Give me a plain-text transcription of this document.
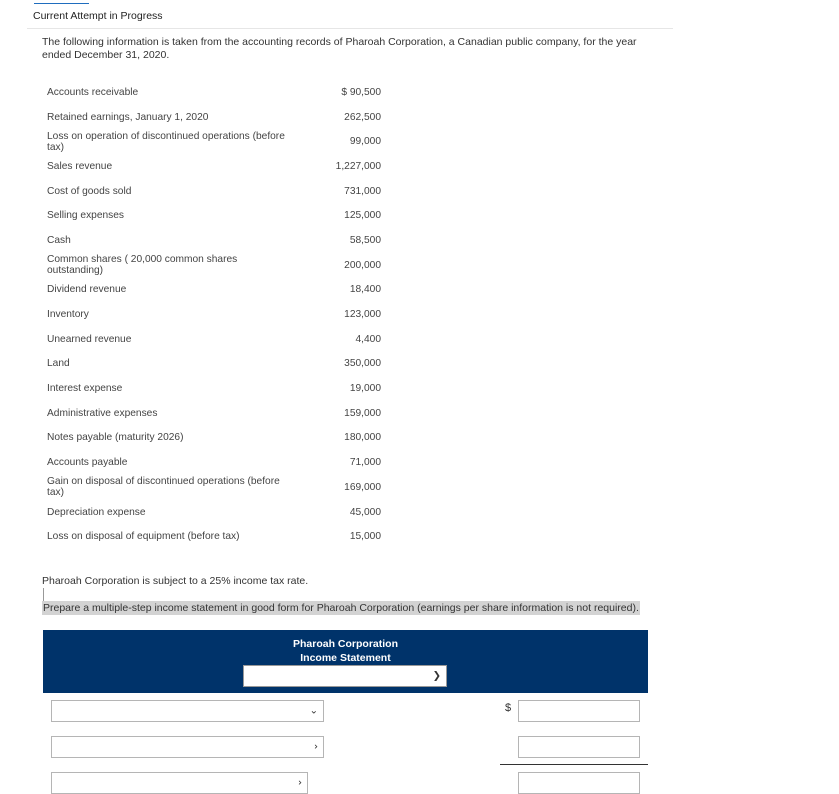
Current Attempt in Progress
The following information is taken from the accounting records of Pharoah Corporation, a Canadian public company, for the year ended December 31, 2020.
Accounts receivable	$ 90,500
Retained earnings, January 1, 2020	262,500
Loss on operation of discontinued operations (before tax)	99,000
Sales revenue	1,227,000
Cost of goods sold	731,000
Selling expenses	125,000
Cash	58,500
Common shares ( 20,000 common shares outstanding)	200,000
Dividend revenue	18,400
Inventory	123,000
Unearned revenue	4,400
Land	350,000
Interest expense	19,000
Administrative expenses	159,000
Notes payable (maturity 2026)	180,000
Accounts payable	71,000
Gain on disposal of discontinued operations (before tax)	169,000
Depreciation expense	45,000
Loss on disposal of equipment (before tax)	15,000
Pharoah Corporation is subject to a 25% income tax rate.
Prepare a multiple-step income statement in good form for Pharoah Corporation (earnings per share information is not required).
Pharoah Corporation
Income Statement
❯
⌄	$
›
›
